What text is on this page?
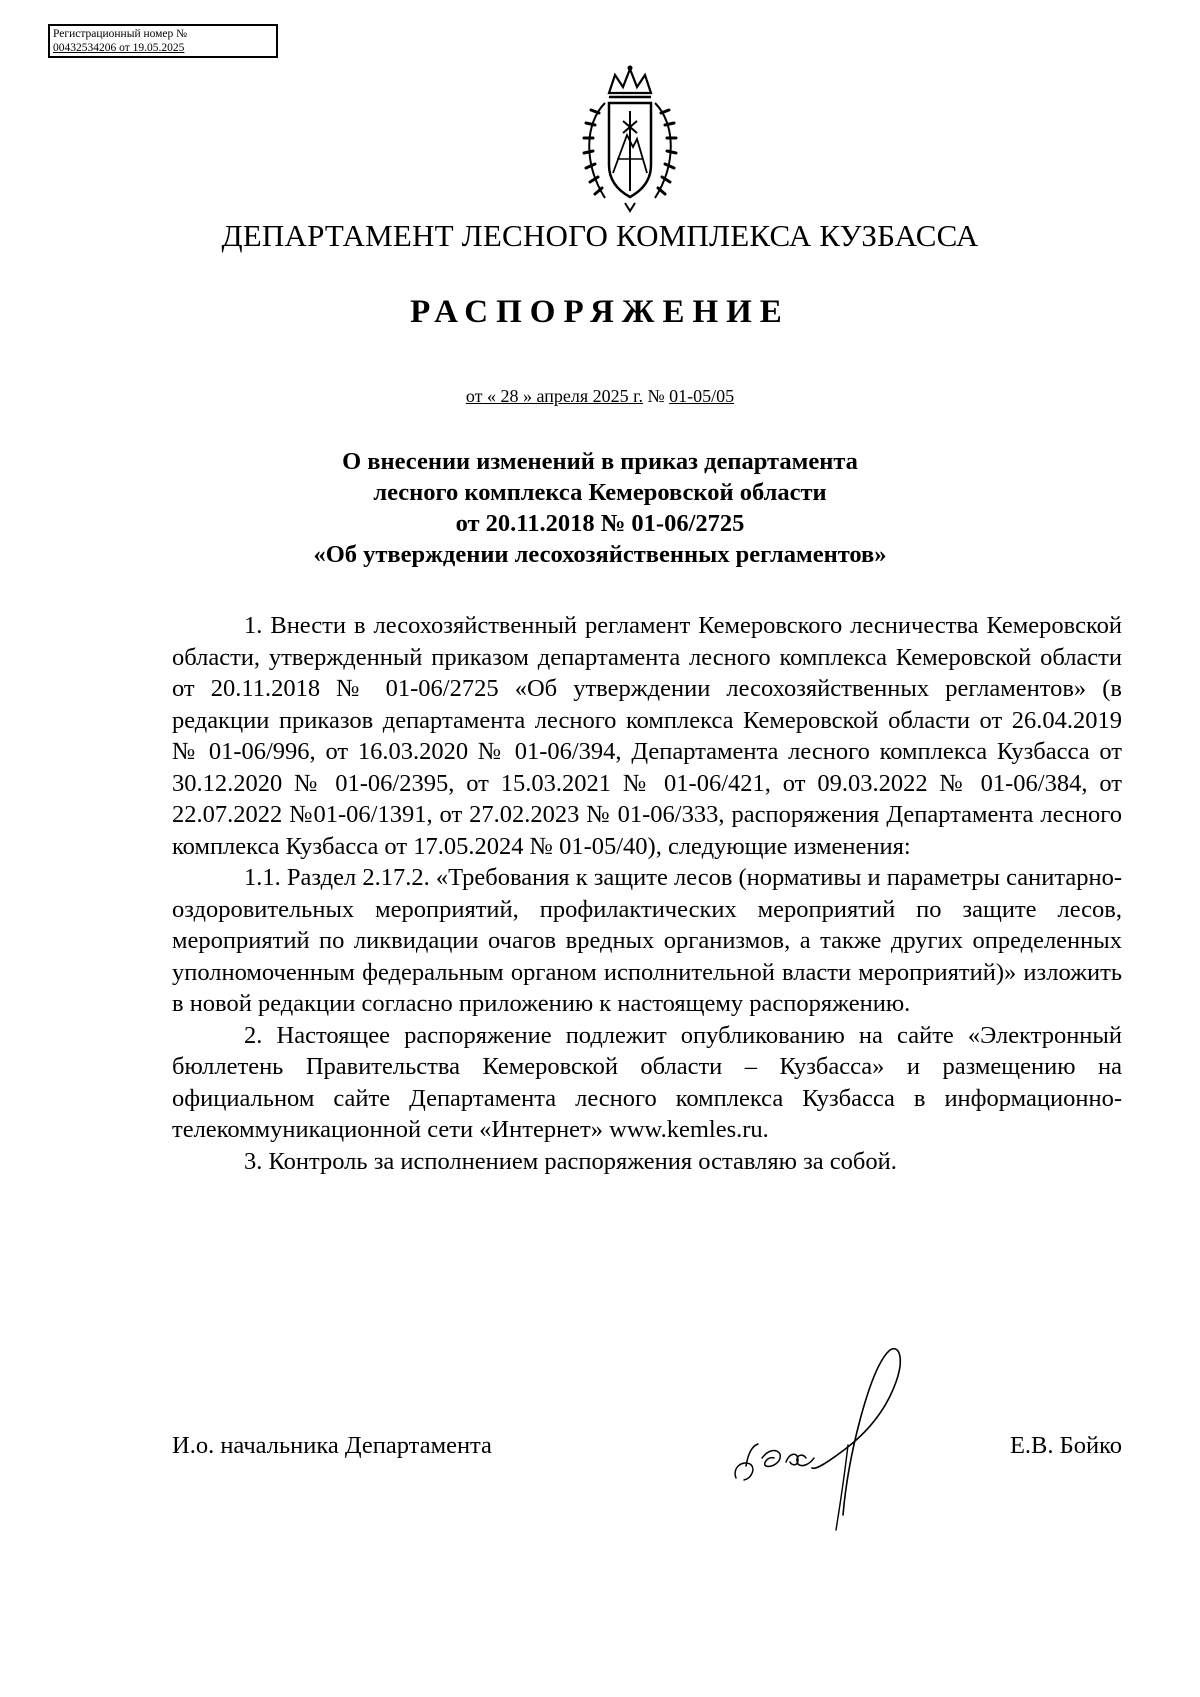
Регистрационный номер №
00432534206 от 19.05.2025
ДЕПАРТАМЕНТ ЛЕСНОГО КОМПЛЕКСА КУЗБАССА
РАСПОРЯЖЕНИЕ
от « 28 » апреля 2025 г. № 01-05/05
О внесении изменений в приказ департамента
лесного комплекса Кемеровской области
от 20.11.2018 № 01-06/2725
«Об утверждении лесохозяйственных регламентов»

1. Внести в лесохозяйственный регламент Кемеровского лесничества Кемеровской области, утвержденный приказом департамента лесного комплекса Кемеровской области от 20.11.2018 № 01-06/2725 «Об утверждении лесохозяйственных регламентов» (в редакции приказов департамента лесного комплекса Кемеровской области от 26.04.2019 № 01-06/996, от 16.03.2020 № 01-06/394, Департамента лесного комплекса Кузбасса от 30.12.2020 № 01-06/2395, от 15.03.2021 № 01-06/421, от 09.03.2022 № 01-06/384, от 22.07.2022 №01-06/1391, от 27.02.2023 № 01-06/333, распоряжения Департамента лесного комплекса Кузбасса от 17.05.2024 № 01-05/40), следующие изменения:

1.1. Раздел 2.17.2. «Требования к защите лесов (нормативы и параметры санитарно-оздоровительных мероприятий, профилактических мероприятий по защите лесов, мероприятий по ликвидации очагов вредных организмов, а также других определенных уполномоченным федеральным органом исполнительной власти мероприятий)» изложить в новой редакции согласно приложению к настоящему распоряжению.

2. Настоящее распоряжение подлежит опубликованию на сайте «Электронный бюллетень Правительства Кемеровской области – Кузбасса» и размещению на официальном сайте Департамента лесного комплекса Кузбасса в информационно-телекоммуникационной сети «Интернет» www.kemles.ru.

3. Контроль за исполнением распоряжения оставляю за собой.

И.о. начальника Департамента	Е.В. Бойко
